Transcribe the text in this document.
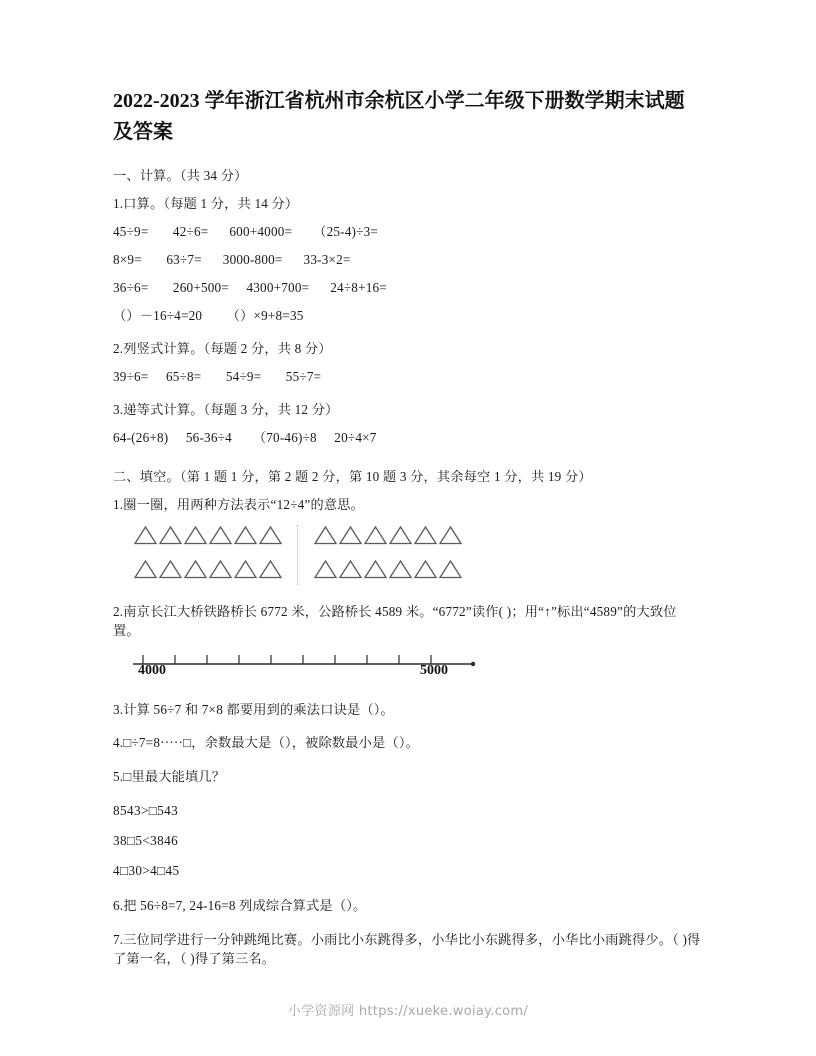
2022-2023 学年浙江省杭州市余杭区小学二年级下册数学期末试题及答案

一、计算。（共 34 分）

1.口算。（每题 1 分，共 14 分）

45÷9=       42÷6=      600+4000=      （25-4)÷3=

8×9=       63÷7=      3000-800=      33-3×2=

36÷6=       260+500=     4300+700=      24÷8+16=

（）－16÷4=20       （）×9+8=35

2.列竖式计算。（每题 2 分，共 8 分）

39÷6=     65÷8=       54÷9=       55÷7=

3.递等式计算。（每题 3 分，共 12 分）

64-(26+8)     56-36÷4      （70-46)÷8     20÷4×7

二、填空。（第 1 题 1 分，第 2 题 2 分，第 10 题 3 分，其余每空 1 分，共 19 分）

1.圈一圈，用两种方法表示“12÷4”的意思。

2.南京长江大桥铁路桥长 6772 米，公路桥长 4589 米。“6772”读作( )；用“↑”标出“4589”的大致位置。

4000	5000

3.计算 56÷7 和 7×8 都要用到的乘法口诀是（）。

4.□÷7=8·····□，余数最大是（），被除数最小是（）。

5.□里最大能填几？

8543>□543

38□5<3846

4□30>4□45

6.把 56÷8=7, 24-16=8 列成综合算式是（）。

7.三位同学进行一分钟跳绳比赛。小雨比小东跳得多，小华比小东跳得多，小华比小雨跳得少。（ )得了第一名，（ )得了第三名。

小学资源网 https://xueke.woiay.com/
